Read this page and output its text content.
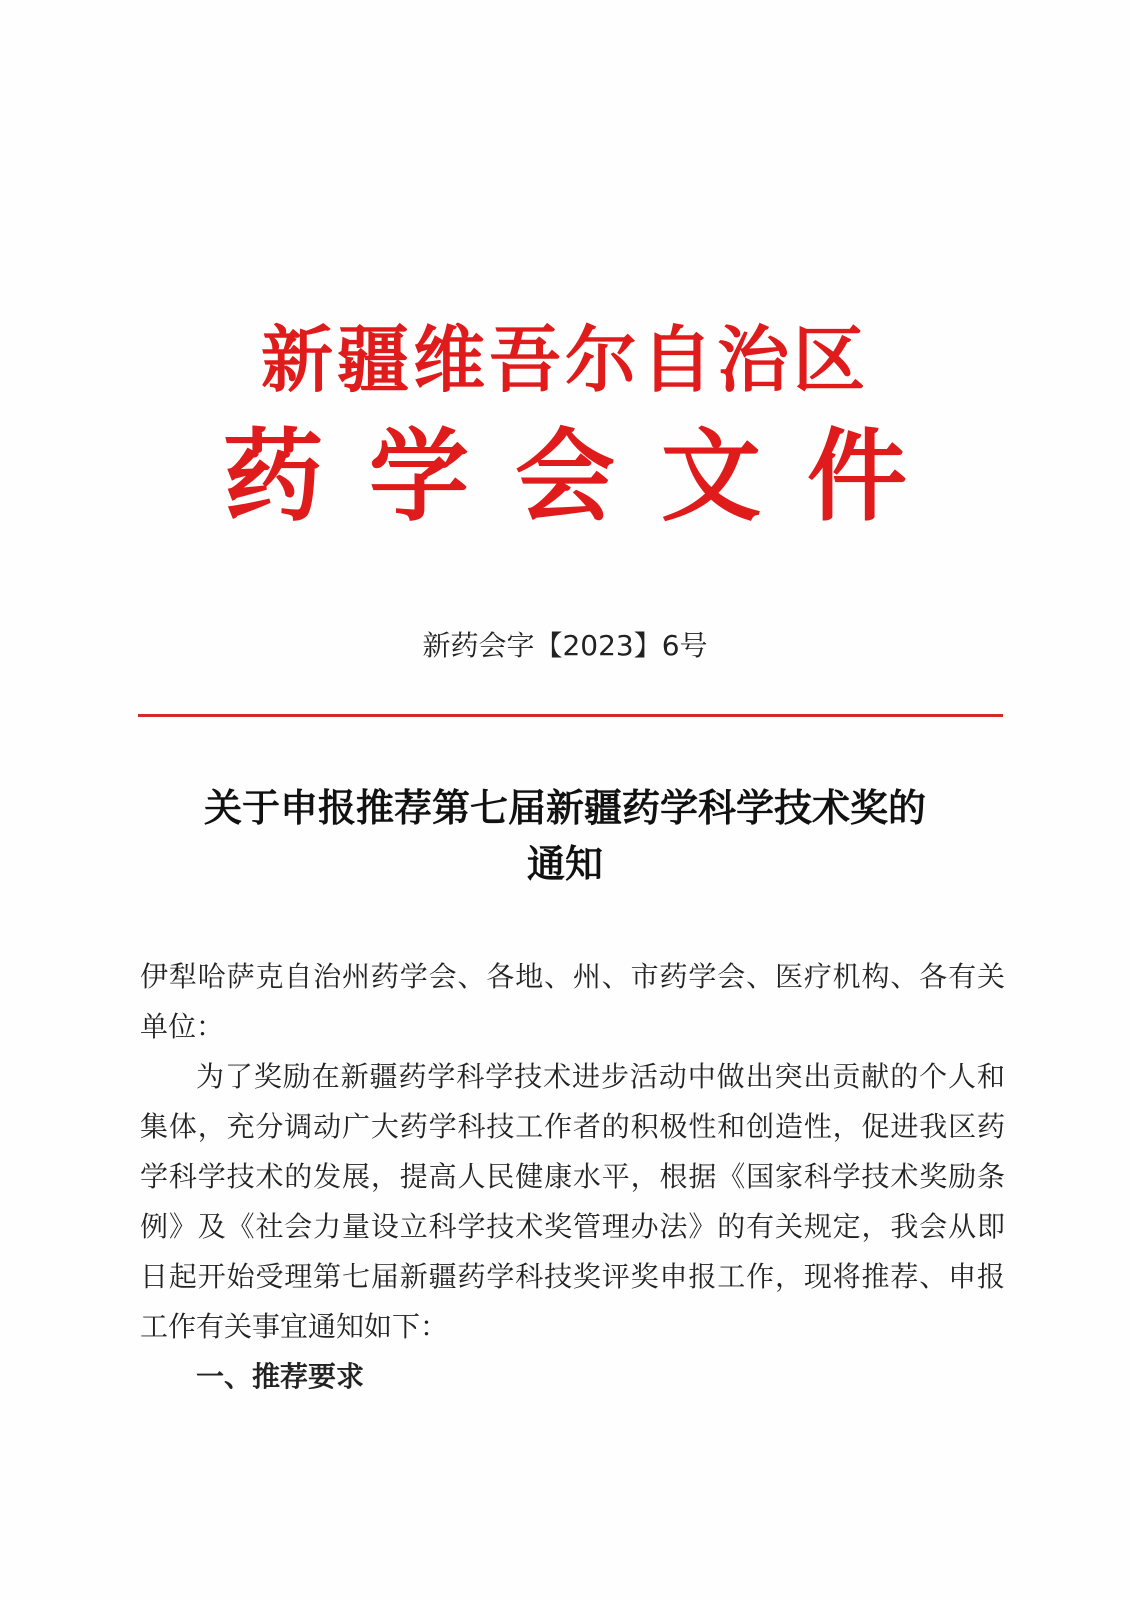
新疆维吾尔自治区
药学会文件
新药会字【2023】6号
关于申报推荐第七届新疆药学科学技术奖的
通知

伊犁哈萨克自治州药学会、各地、州、市药学会、医疗机构、各有关单位：

为了奖励在新疆药学科学技术进步活动中做出突出贡献的个人和集体，充分调动广大药学科技工作者的积极性和创造性，促进我区药学科学技术的发展，提高人民健康水平，根据《国家科学技术奖励条例》及《社会力量设立科学技术奖管理办法》的有关规定，我会从即日起开始受理第七届新疆药学科技奖评奖申报工作，现将推荐、申报工作有关事宜通知如下：

一、推荐要求
